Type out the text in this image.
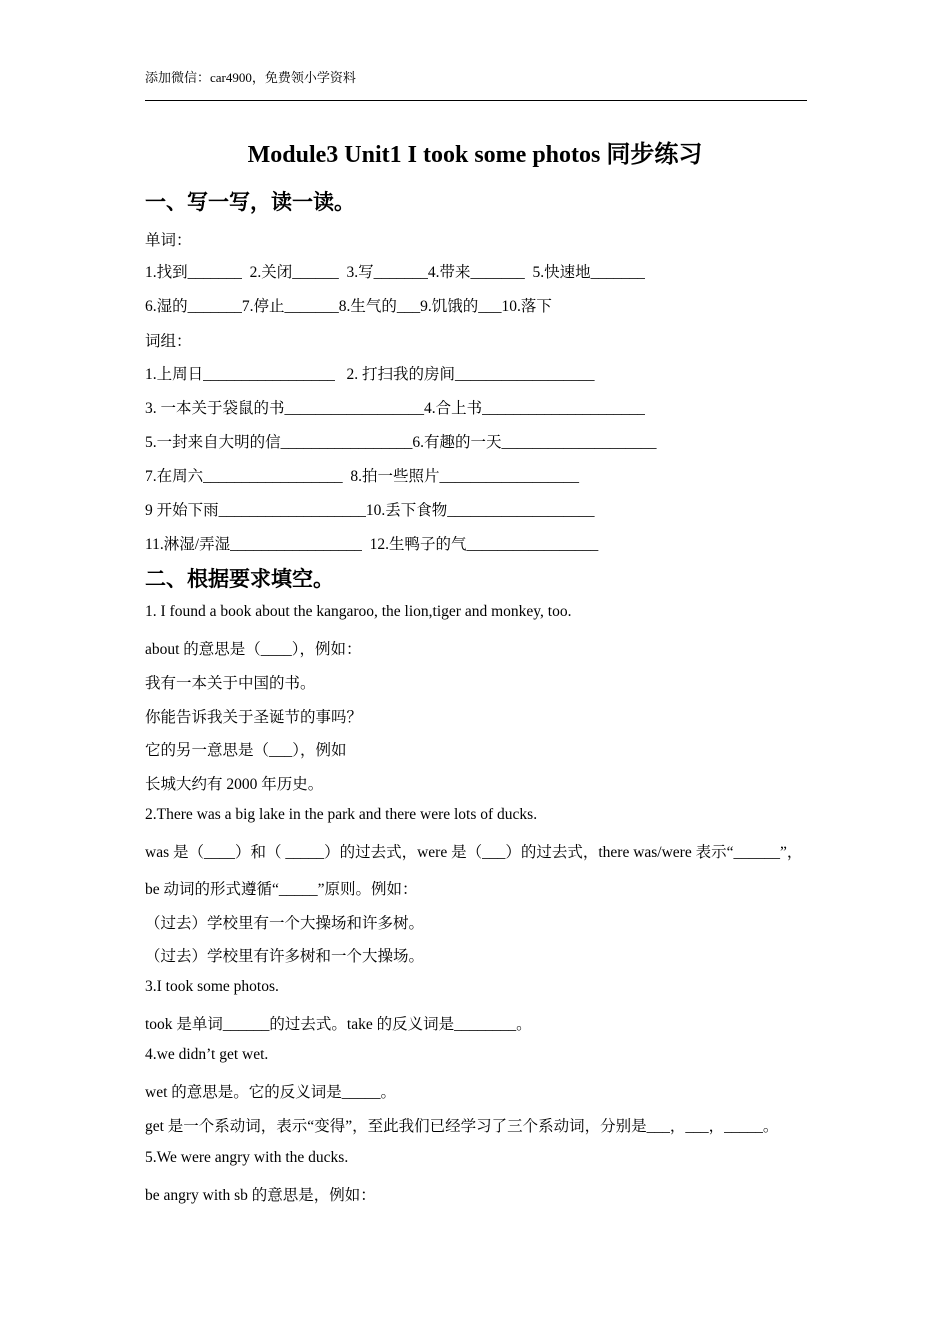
添加微信：car4900，免费领小学资料
Module3 Unit1 I took some photos 同步练习
一、写一写，读一读。
单词：
1.找到_______  2.关闭______  3.写_______4.带来_______  5.快速地_______
6.湿的_______7.停止_______8.生气的___9.饥饿的___10.落下
词组：
1.上周日_________________   2. 打扫我的房间__________________
3. 一本关于袋鼠的书__________________4.合上书_____________________
5.一封来自大明的信_________________6.有趣的一天____________________
7.在周六__________________  8.拍一些照片__________________
9 开始下雨___________________10.丢下食物___________________
11.淋湿/弄湿_________________  12.生鸭子的气_________________
二、根据要求填空。
1. I found a book about the kangaroo, the lion,tiger and monkey, too.
about 的意思是（____），例如：
我有一本关于中国的书。
你能告诉我关于圣诞节的事吗？
它的另一意思是（___），例如
长城大约有 2000 年历史。
2.There was a big lake in the park and there were lots of ducks.
was 是（____）和（ _____）的过去式，were 是（___）的过去式，there was/were 表示“______”，
be 动词的形式遵循“_____”原则。例如：
（过去）学校里有一个大操场和许多树。
（过去）学校里有许多树和一个大操场。
3.I took some photos.
took 是单词______的过去式。take 的反义词是________。
4.we didn’t get wet.
wet 的意思是。它的反义词是_____。
get 是一个系动词，表示“变得”，至此我们已经学习了三个系动词，分别是___，___，_____。
5.We were angry with the ducks.
be angry with sb 的意思是，例如：
